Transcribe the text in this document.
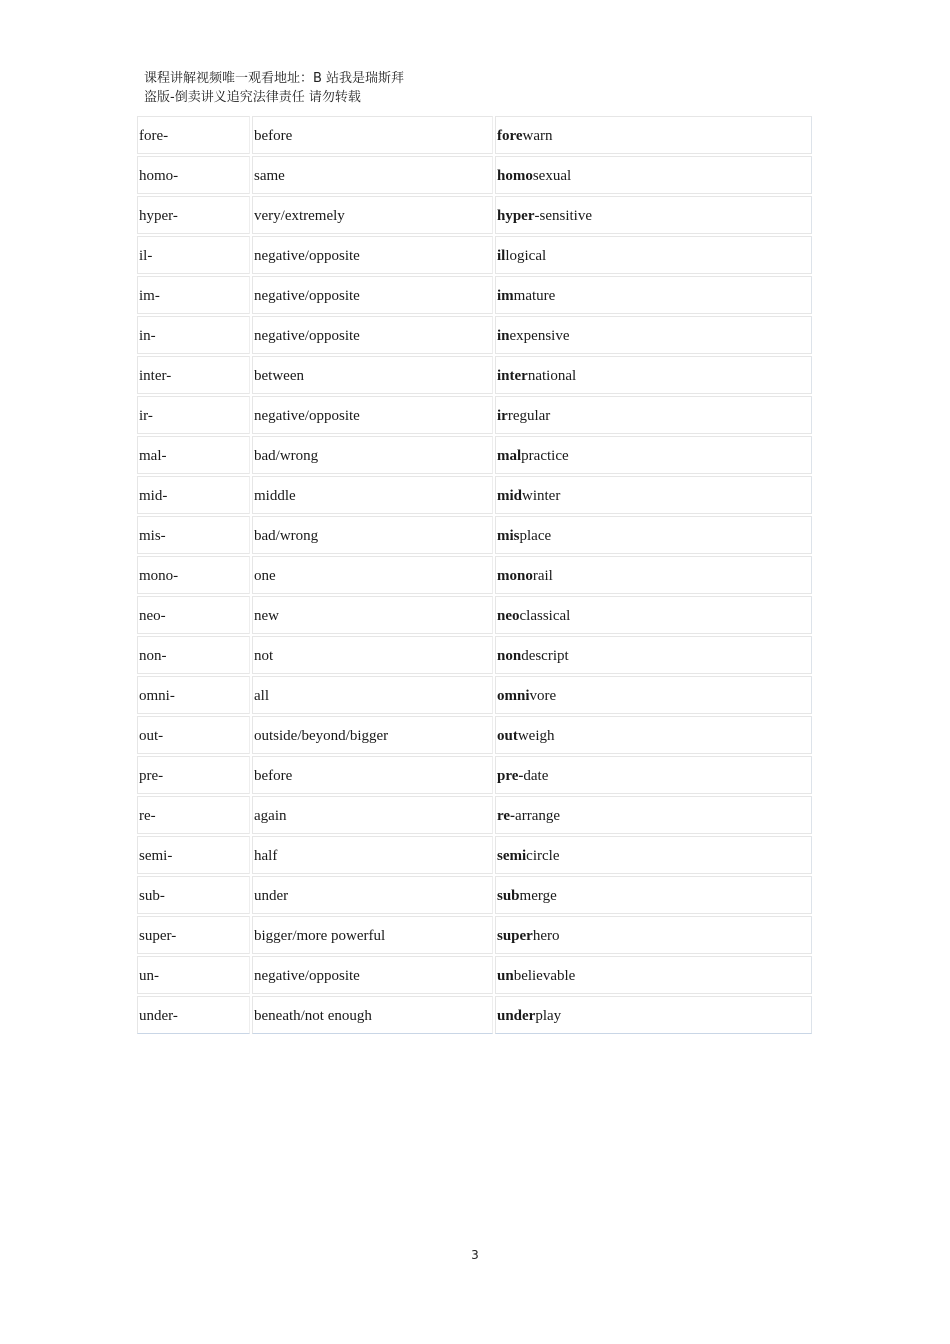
课程讲解视频唯一观看地址：B 站我是瑞斯拜
盗版-倒卖讲义追究法律责任 请勿转载
fore-	before	forewarn
homo-	same	homosexual
hyper-	very/extremely	hyper-sensitive
il-	negative/opposite	illogical
im-	negative/opposite	immature
in-	negative/opposite	inexpensive
inter-	between	international
ir-	negative/opposite	irregular
mal-	bad/wrong	malpractice
mid-	middle	midwinter
mis-	bad/wrong	misplace
mono-	one	monorail
neo-	new	neoclassical
non-	not	nondescript
omni-	all	omnivore
out-	outside/beyond/bigger	outweigh
pre-	before	pre-date
re-	again	re-arrange
semi-	half	semicircle
sub-	under	submerge
super-	bigger/more powerful	superhero
un-	negative/opposite	unbelievable
under-	beneath/not enough	underplay
3
